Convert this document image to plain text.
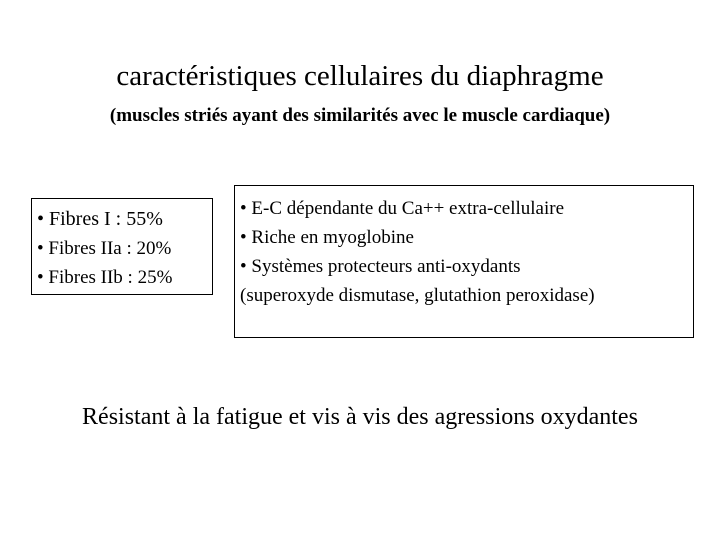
caractéristiques cellulaires du diaphragme
(muscles striés ayant des similarités avec le muscle cardiaque)
• Fibres I : 55%
• Fibres IIa : 20%
• Fibres IIb : 25%
• E-C dépendante du Ca++ extra-cellulaire
• Riche en myoglobine
• Systèmes protecteurs anti-oxydants
(superoxyde dismutase, glutathion peroxidase)
Résistant à la fatigue et vis à vis des agressions oxydantes
